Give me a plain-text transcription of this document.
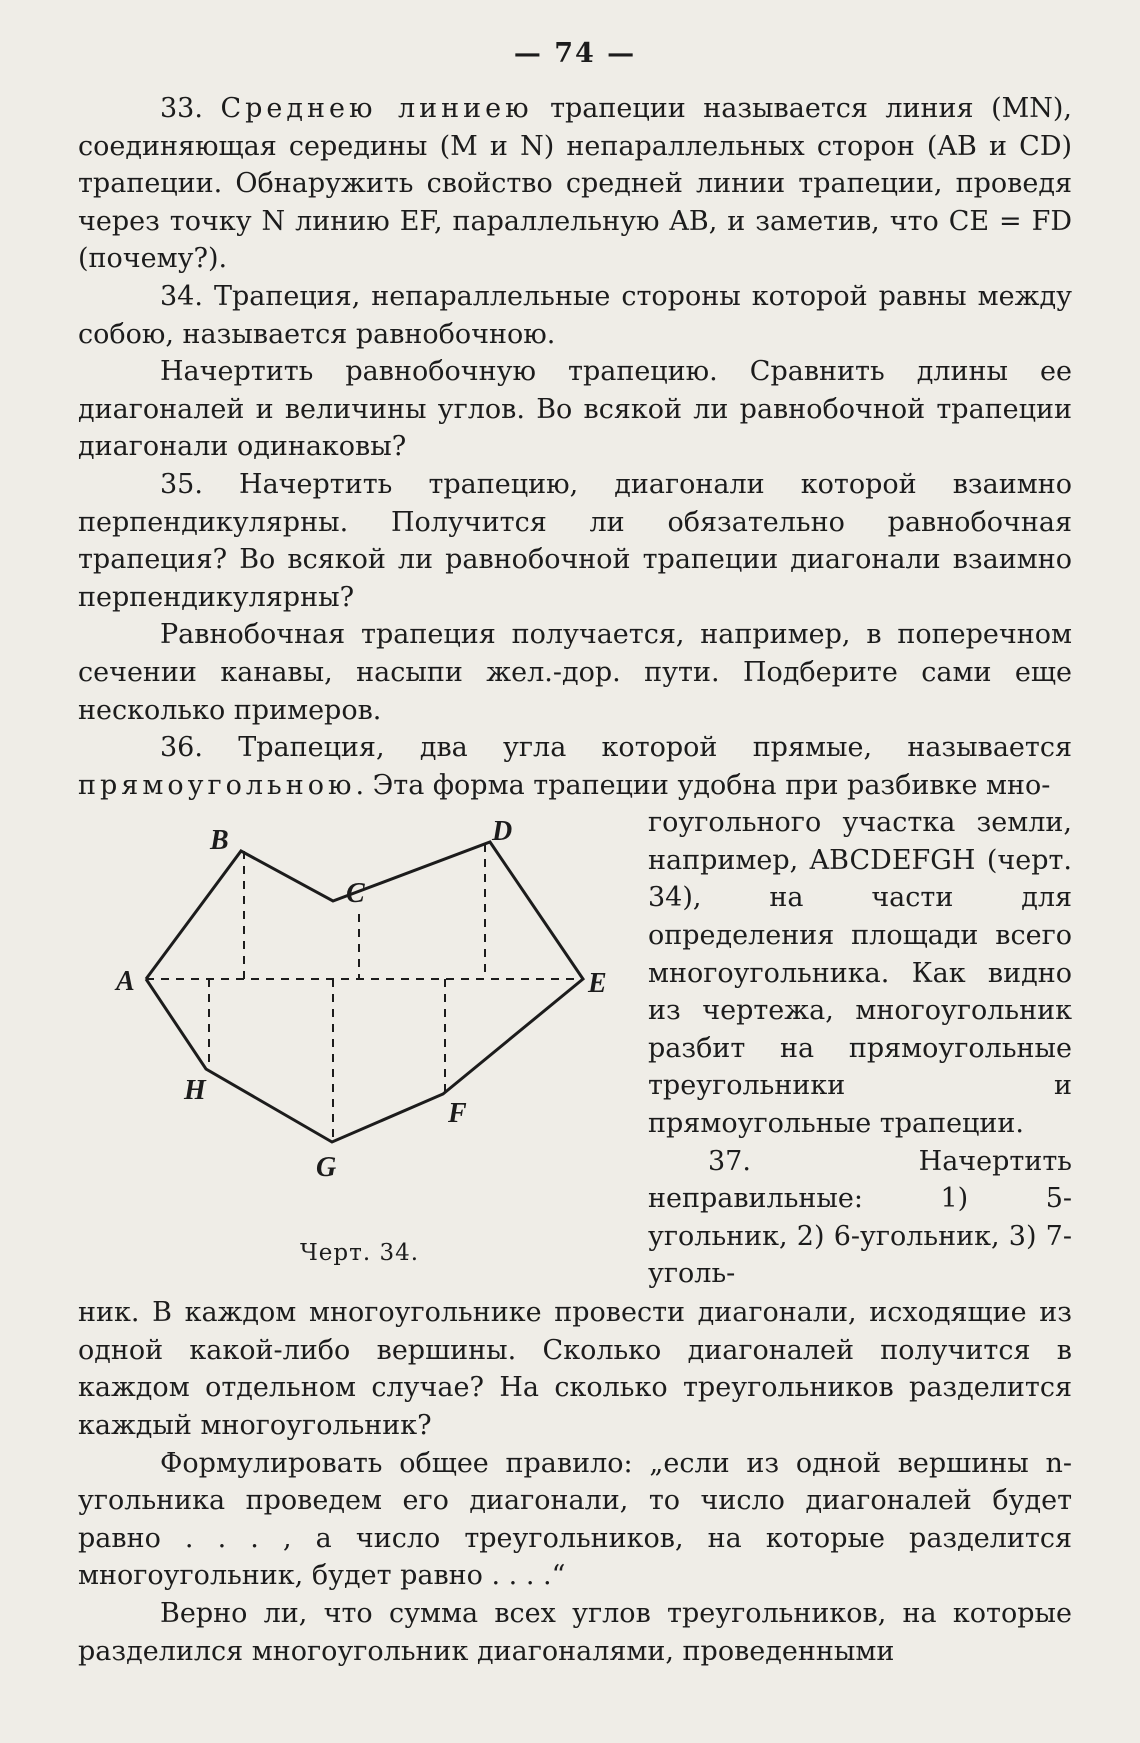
— 74 —

33. Среднею линиею трапеции называется линия (MN), соединяющая середины (M и N) непараллельных сторон (AB и CD) трапеции. Обнаружить свойство средней линии трапеции, проведя через точку N линию EF, параллельную AB, и заметив, что CE = FD (почему?).

34. Трапеция, непараллельные стороны которой равны между собою, называется равнобочною.

Начертить равнобочную трапецию. Сравнить длины ее диагоналей и величины углов. Во всякой ли равнобочной трапеции диагонали одинаковы?

35. Начертить трапецию, диагонали которой взаимно перпендикулярны. Получится ли обязательно равнобочная трапеция? Во всякой ли равнобочной трапеции диагонали взаимно перпендикулярны?

Равнобочная трапеция получается, например, в поперечном сечении канавы, насыпи жел.-дор. пути. Подберите сами еще несколько примеров.

36. Трапеция, два угла которой прямые, называется прямоугольною. Эта форма трапеции удобна при разбивке мно-

B
C
D
A	E
H
F
G
Черт. 34.

гоугольного участка земли, например, ABCDEFGH (черт. 34), на части для определения площади всего многоугольника. Как видно из чертежа, многоугольник разбит на прямоугольные треугольники и прямоугольные трапеции.

37. Начертить неправильные: 1) 5-угольник, 2) 6-угольник, 3) 7-уголь-

ник. В каждом многоугольнике провести диагонали, исходящие из одной какой-либо вершины. Сколько диагоналей получится в каждом отдельном случае? На сколько треугольников разделится каждый многоугольник?

Формулировать общее правило: „если из одной вершины n-угольника проведем его диагонали, то число диагоналей будет равно . . . , а число треугольников, на которые разделится многоугольник, будет равно . . . .“

Верно ли, что сумма всех углов треугольников, на которые разделился многоугольник диагоналями, проведенными
